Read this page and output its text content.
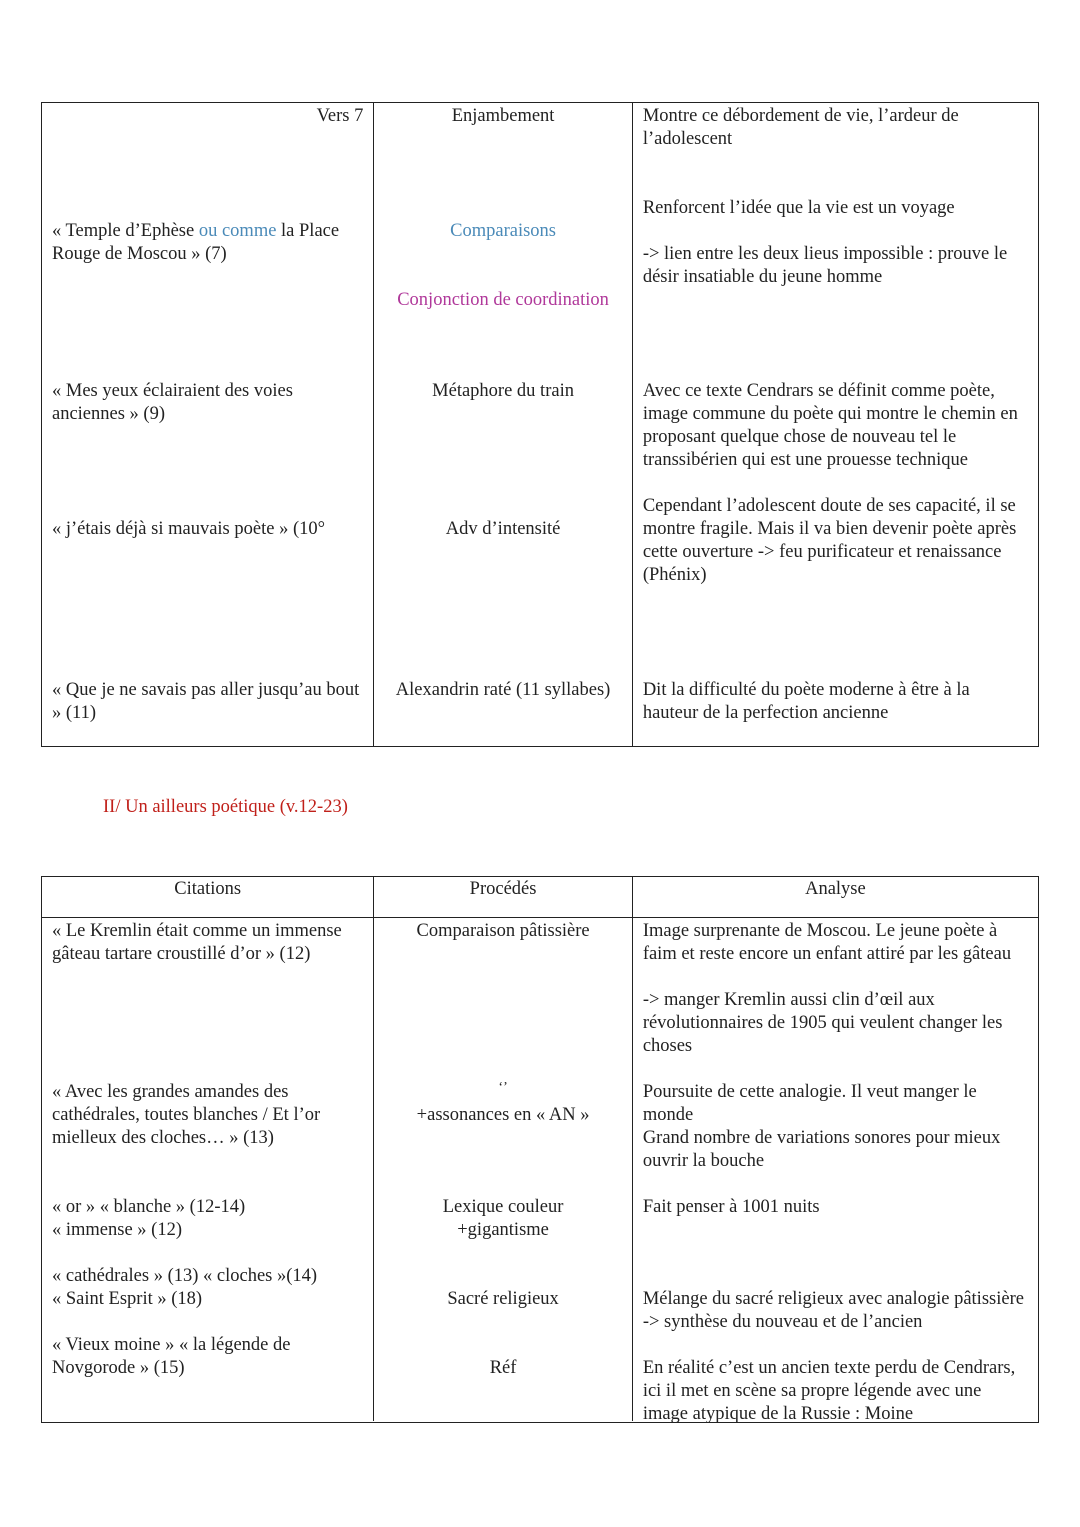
Vers 7
« Temple d’Ephèse ou comme la Place Rouge de Moscou » (7)
« Mes yeux éclairaient des voies anciennes » (9)
« j’étais déjà si mauvais poète » (10°
« Que je ne savais pas aller jusqu’au bout » (11)
Enjambement
Comparaisons
Conjonction de coordination
Métaphore du train
Adv d’intensité
Alexandrin raté (11 syllabes)
Montre ce débordement de vie, l’ardeur de l’adolescent
Renforcent l’idée que la vie est un voyage
-> lien entre les deux lieus impossible : prouve le désir insatiable du jeune homme
Avec ce texte Cendrars se définit comme poète, image commune du poète qui montre le chemin en proposant quelque chose de nouveau tel le transsibérien qui est une prouesse technique
Cependant l’adolescent doute de ses capacité, il se montre fragile. Mais il va bien devenir poète après cette ouverture -> feu purificateur et renaissance (Phénix)
Dit la difficulté du poète moderne à être à la hauteur de la perfection ancienne
II/ Un ailleurs poétique (v.12-23)
Citations	Procédés	Analyse
« Le Kremlin était comme un immense gâteau tartare croustillé d’or » (12)
« Avec les grandes amandes des cathédrales, toutes blanches / Et l’or mielleux des cloches… » (13)
« or » « blanche » (12-14)
« immense » (12)
« cathédrales » (13) « cloches »(14)
« Saint Esprit » (18)
« Vieux moine » « la légende de Novgorode » (15)
Comparaison pâtissière
‘’
+assonances en « AN »
Lexique couleur
+gigantisme
Sacré religieux
Réf
Image surprenante de Moscou. Le jeune poète à faim et reste encore un enfant attiré par les gâteau
-> manger Kremlin aussi clin d’œil aux révolutionnaires de 1905 qui veulent changer les choses
Poursuite de cette analogie. Il veut manger le monde
Grand nombre de variations sonores pour mieux ouvrir la bouche
Fait penser à 1001 nuits
Mélange du sacré religieux avec analogie pâtissière -> synthèse du nouveau et de l’ancien
En réalité c’est un ancien texte perdu de Cendrars, ici il met en scène sa propre légende avec une image atypique de la Russie : Moine
